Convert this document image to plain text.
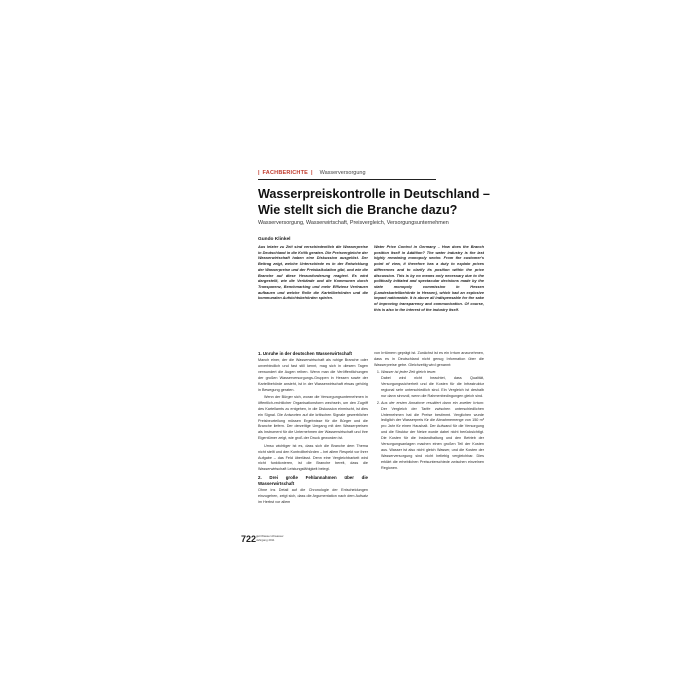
| FACHBERICHTE | Wasserversorgung
Wasserpreiskontrolle in Deutschland –
Wie stellt sich die Branche dazu?
Wasserversorgung, Wasserwirtschaft, Preisvergleich, Versorgungsunternehmen
Gundo Klinkel

Aus letzter zu Zeit sind verschiedentlich die Wasserpreise in Deutschland in die Kritik geraten. Die Preisvergleiche der Wasserwirtschaft haben eine Diskussion ausgelöst. Der Beitrag zeigt, welche Unterschiede es in der Entwicklung der Wasserpreise und der Preiskalkulation gibt, und wie die Branche auf diese Herausforderung reagiert. Es wird dargestellt, wie die Verbände und die Kommunen durch Transparenz, Benchmarking und mehr Effizienz Vertrauen aufbauen und welche Rolle die Kartellbehörden und die kommunalen Aufsichtsbehörden spielen.

Water Price Control in Germany – How does the Branch position itself in Addition? The water industry is the last highly remaining monopoly sector. From the customer's point of view, it therefore has a duty to explain prices differences and to clarify its position within the price discussion. This is by no means only necessary due to the politically initiated and spectacular decisions made by the state monopoly commission in Hessen (Landeskartellbehörde in Hessen), which had an explosive impact nationwide. It is above all indispensable for the sake of improving transparency and communication. Of course, this is also in the interest of the industry itself.

1. Unruhe in der deutschen Wasserwirtschaft

Manch einer, der die Wasserwirtschaft als ruhige Branche oder unverbindlich und fast still kennt, mag sich in diesem Tagen verwundert die Augen reiben. Wenn man die Veröffentlichungen der großen Wasserversorgungs-Gruppen in Hessen sowie der Kartellbehörde ansieht, ist in der Wasserwirtschaft etwas gehörig in Bewegung geraten.

Wenn der Bürger sich, woran die Versorgungsunternehmen in öffentlich-rechtlicher Organisationsform wechseln, um den Zugriff des Kartellamts zu entgehen, in die Diskussion einmischt, ist dies ein Signal. Die Antworten auf die kritischen Signale gewerblicher Preisbeurteilung müssen Ergebnisse für die Bürger und die Branche liefern. Der derzeitige Umgang mit den Wasserpreisen als Instrument für die Unternehmen der Wasserwirtschaft und ihre Eigentümer zeigt, wie groß der Druck geworden ist.

Umso wichtiger ist es, dass sich die Branche dem Thema nicht stellt und den Kontrollbehörden – bei allem Respekt vor ihrer Aufgabe – das Feld überlässt. Denn eine Vergleichbarkeit wird nicht funktionieren, ist die Branche bereit, dass die Wasserwirtschaft Leistungsfähigkeit belegt.

2. Drei große Fehlannahmen über die Wasserwirtschaft

Ohne ins Detail auf die Chronologie der Entscheidungen einzugehen, zeigt sich, dass die Argumentation nach dem Aufsatz im Herbst vor allem

von Irrtümern geprägt ist. Zunächst ist es ein Irrtum anzunehmen, dass es in Deutschland nicht genug Information über die Wasserpreise gebe. Gleichzeitig wird genannt:

1. Wasser ist jeder Zeit gleich teuer.
Dabei wird nicht beachtet, dass Qualität, Versorgungssicherheit und die Kosten für die Infrastruktur regional sehr unterschiedlich sind. Ein Vergleich ist deshalb nur dann sinnvoll, wenn die Rahmenbedingungen gleich sind.
2. Aus der ersten Annahme resultiert dann ein zweiter Irrtum: Der Vergleich der Tarife zwischen unterschiedlichen Unternehmen hat die Preise bestimmt. Verglichen wurde lediglich der Wasserpreis für die Abnahmemenge von 150 m³ pro Jahr für einen Haushalt. Der Aufwand für die Versorgung und die Struktur der Netze wurde dabei nicht berücksichtigt. Die Kosten für die Instandhaltung und den Betrieb der Versorgungsanlagen machen einen großen Teil der Kosten aus. Wasser ist also nicht gleich Wasser, und die Kosten der Wasserversorgung sind nicht beliebig vergleichbar. Dies erklärt die erheblichen Preisunterschiede zwischen einzelnen Regionen.
722 gwf-Wasser Abwasser
Jahrgang 2011
